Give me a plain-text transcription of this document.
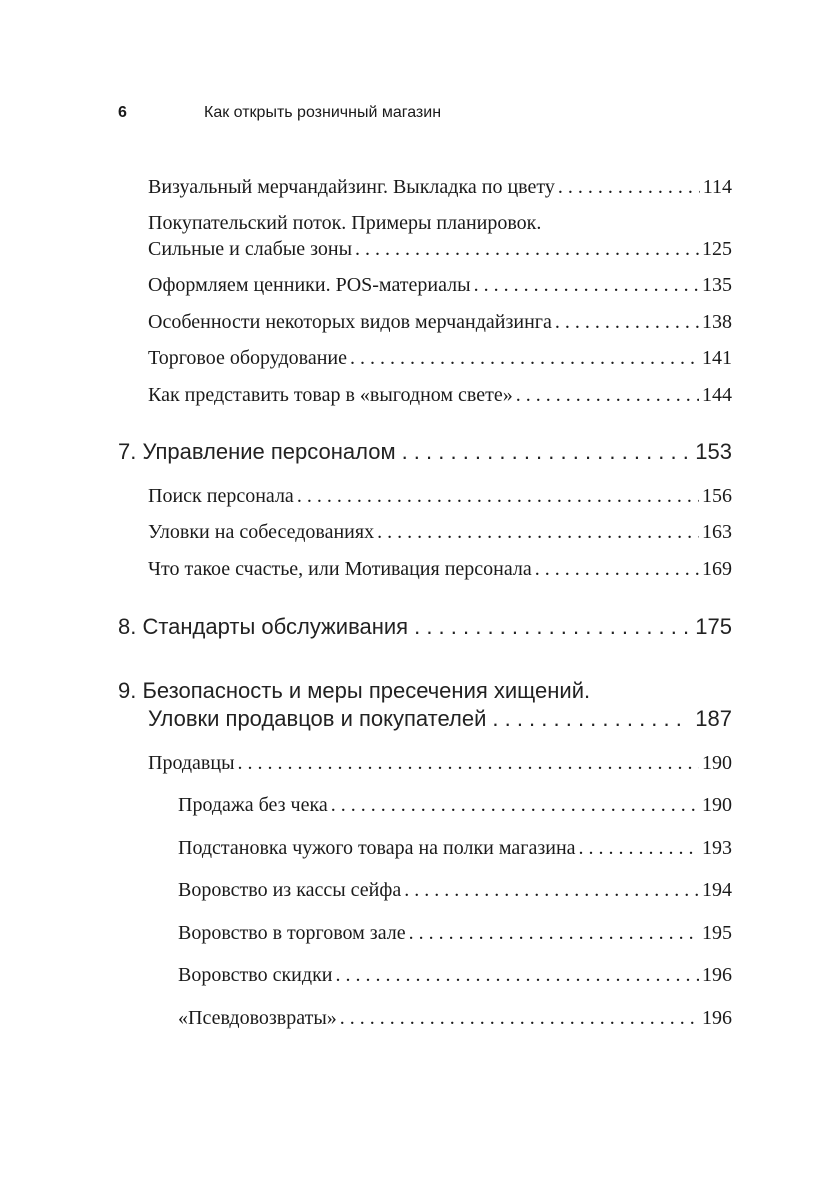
6	Как открыть розничный магазин
Визуальный мерчандайзинг. Выкладка по цвету . . .	114
Покупательский поток. Примеры планировок.
Сильные и слабые зоны . . .	125
Оформляем ценники. POS-материалы . . .	135
Особенности некоторых видов мерчандайзинга . . .	138
Торговое оборудование . . .	141
Как представить товар в «выгодном свете» . . .	144
7. Управление персоналом . . .	153
Поиск персонала . . .	156
Уловки на собеседованиях . . .	163
Что такое счастье, или Мотивация персонала . . .	169
8. Стандарты обслуживания . . .	175
9. Безопасность и меры пресечения хищений.
Уловки продавцов и покупателей . . .	187
Продавцы . . .	190
Продажа без чека . . .	190
Подстановка чужого товара на полки магазина . . .	193
Воровство из кассы сейфа . . .	194
Воровство в торговом зале . . .	195
Воровство скидки . . .	196
«Псевдовозвраты» . . .	196
